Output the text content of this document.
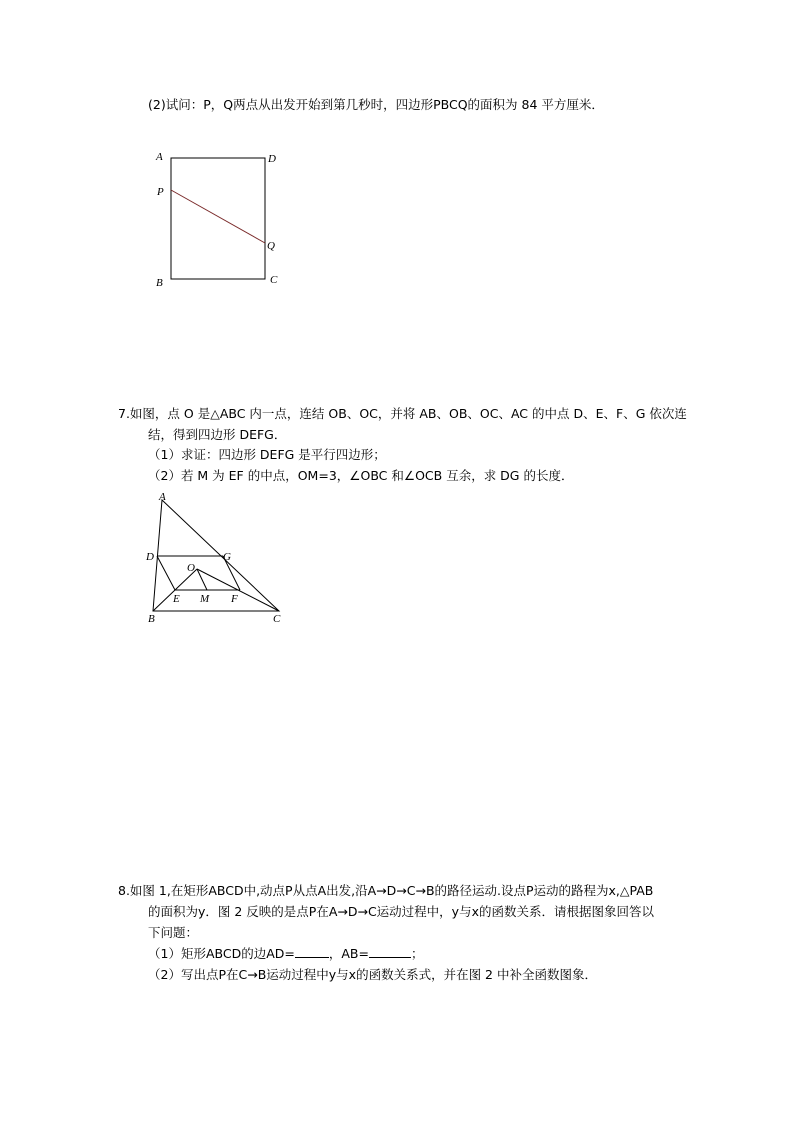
(2)试问：P，Q两点从出发开始到第几秒时，四边形PBCQ的面积为 84 平方厘米．
A	D
P
Q
B	C
7.如图，点 O 是△ABC 内一点，连结 OB、OC，并将 AB、OB、OC、AC 的中点 D、E、F、G 依次连
结，得到四边形 DEFG．
（1）求证：四边形 DEFG 是平行四边形；
（2）若 M 为 EF 的中点，OM=3，∠OBC 和∠OCB 互余，求 DG 的长度．
A
D	G
O
E M F
B	C
8.如图 1,在矩形ABCD中,动点P从点A出发,沿A→D→C→B的路径运动.设点P运动的路程为x,△PAB
的面积为y．图 2 反映的是点P在A→D→C运动过程中，y与x的函数关系．请根据图象回答以
下问题：
（1）矩形ABCD的边AD=	，AB=	；
（2）写出点P在C→B运动过程中y与x的函数关系式，并在图 2 中补全函数图象．
